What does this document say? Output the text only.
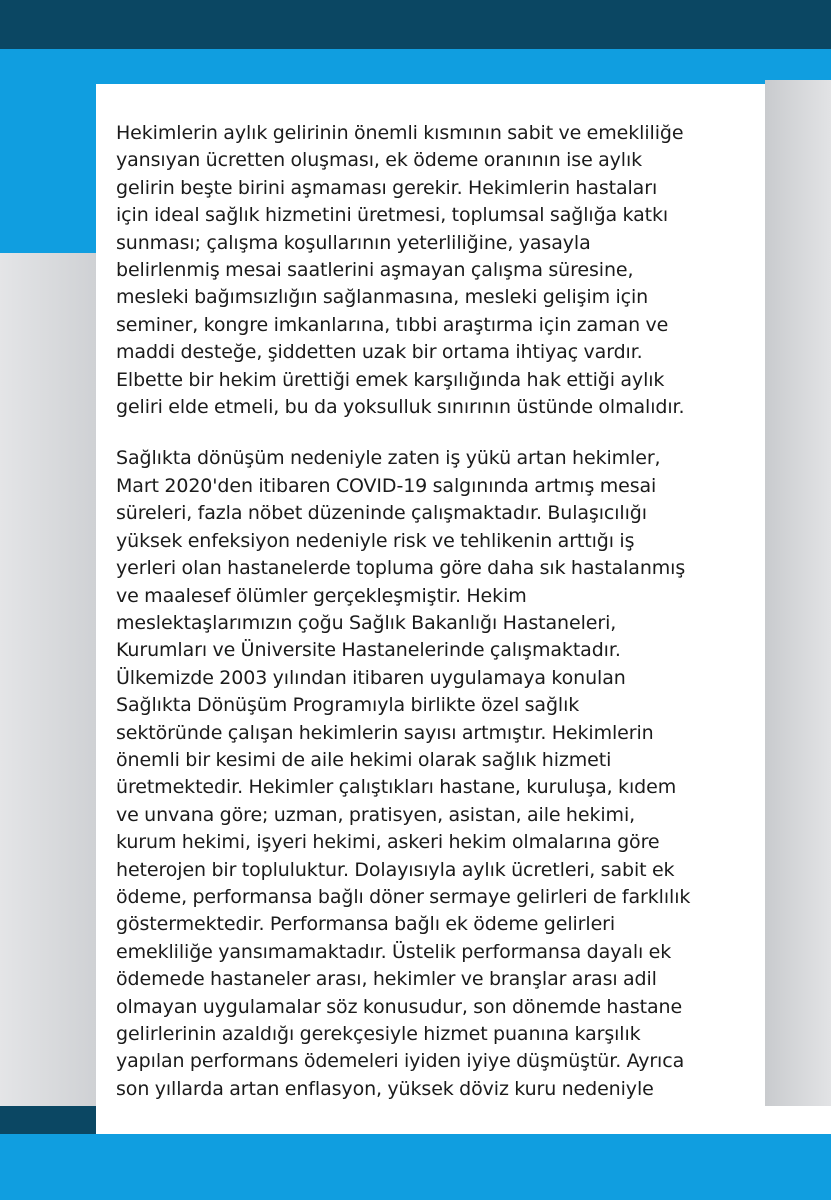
Hekimlerin aylık gelirinin önemli kısmının sabit ve emekliliğe
yansıyan ücretten oluşması, ek ödeme oranının ise aylık
gelirin beşte birini aşmaması gerekir. Hekimlerin hastaları
için ideal sağlık hizmetini üretmesi, toplumsal sağlığa katkı
sunması; çalışma koşullarının yeterliliğine, yasayla
belirlenmiş mesai saatlerini aşmayan çalışma süresine,
mesleki bağımsızlığın sağlanmasına, mesleki gelişim için
seminer, kongre imkanlarına, tıbbi araştırma için zaman ve
maddi desteğe, şiddetten uzak bir ortama ihtiyaç vardır.
Elbette bir hekim ürettiği emek karşılığında hak ettiği aylık
geliri elde etmeli, bu da yoksulluk sınırının üstünde olmalıdır.

Sağlıkta dönüşüm nedeniyle zaten iş yükü artan hekimler,
Mart 2020'den itibaren COVID-19 salgınında artmış mesai
süreleri, fazla nöbet düzeninde çalışmaktadır. Bulaşıcılığı
yüksek enfeksiyon nedeniyle risk ve tehlikenin arttığı iş
yerleri olan hastanelerde topluma göre daha sık hastalanmış
ve maalesef ölümler gerçekleşmiştir. Hekim
meslektaşlarımızın çoğu Sağlık Bakanlığı Hastaneleri,
Kurumları ve Üniversite Hastanelerinde çalışmaktadır.
Ülkemizde 2003 yılından itibaren uygulamaya konulan
Sağlıkta Dönüşüm Programıyla birlikte özel sağlık
sektöründe çalışan hekimlerin sayısı artmıştır. Hekimlerin
önemli bir kesimi de aile hekimi olarak sağlık hizmeti
üretmektedir. Hekimler çalıştıkları hastane, kuruluşa, kıdem
ve unvana göre; uzman, pratisyen, asistan, aile hekimi,
kurum hekimi, işyeri hekimi, askeri hekim olmalarına göre
heterojen bir topluluktur. Dolayısıyla aylık ücretleri, sabit ek
ödeme, performansa bağlı döner sermaye gelirleri de farklılık
göstermektedir. Performansa bağlı ek ödeme gelirleri
emekliliğe yansımamaktadır. Üstelik performansa dayalı ek
ödemede hastaneler arası, hekimler ve branşlar arası adil
olmayan uygulamalar söz konusudur, son dönemde hastane
gelirlerinin azaldığı gerekçesiyle hizmet puanına karşılık
yapılan performans ödemeleri iyiden iyiye düşmüştür. Ayrıca
son yıllarda artan enflasyon, yüksek döviz kuru nedeniyle
